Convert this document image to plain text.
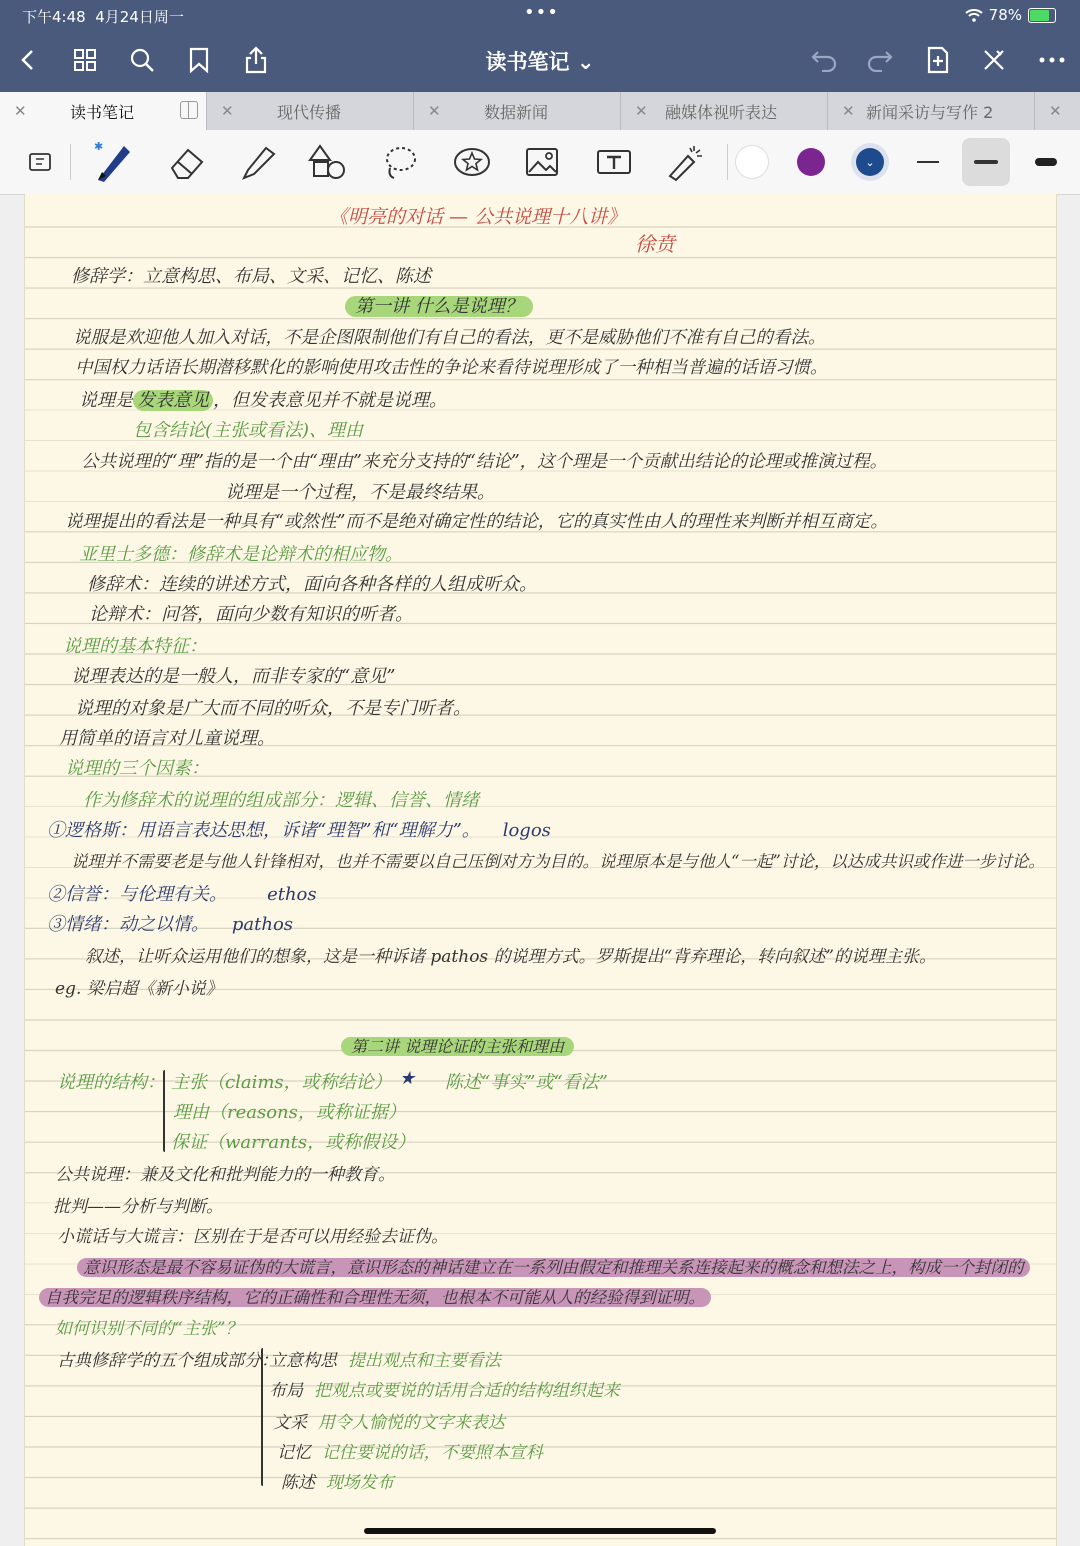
下午4:48 4月24日周一	•••	78%
读书笔记 ⌄
✕	读书笔记	✕	现代传播	✕	数据新闻	✕ 融媒体视听表达	✕ 新闻采访与写作 2	✕
✱
⌄
《明亮的对话 — 公共说理十八讲》
徐贲
修辞学：立意构思、布局、文采、记忆、陈述
第一讲 什么是说理？
说服是欢迎他人加入对话，不是企图限制他们有自己的看法，更不是威胁他们不准有自己的看法。
中国权力话语长期潜移默化的影响使用攻击性的争论来看待说理形成了一种相当普遍的话语习惯。
说理是 发表意见 ，但发表意见并不就是说理。
包含结论(主张或看法)、理由
公共说理的“理”指的是一个由“理由”来充分支持的“结论”，这个理是一个贡献出结论的论理或推演过程。
说理是一个过程，不是最终结果。
说理提出的看法是一种具有“或然性”而不是绝对确定性的结论，它的真实性由人的理性来判断并相互商定。
亚里士多德：修辞术是论辩术的相应物。
修辞术：连续的讲述方式，面向各种各样的人组成听众。
论辩术：问答，面向少数有知识的听者。
说理的基本特征：
说理表达的是一般人，而非专家的“意见”
说理的对象是广大而不同的听众，不是专门听者。
用简单的语言对儿童说理。
说理的三个因素：
作为修辞术的说理的组成部分：逻辑、信誉、情绪
①逻格斯：用语言表达思想，诉诸“理智”和“理解力”。 logos
说理并不需要老是与他人针锋相对，也并不需要以自己压倒对方为目的。说理原本是与他人“一起”讨论，以达成共识或作进一步讨论。
②信誉：与伦理有关。 ethos
③情绪：动之以情。 pathos
叙述，让听众运用他们的想象，这是一种诉诸 pathos 的说理方式。罗斯提出“背弃理论，转向叙述”的说理主张。
eg. 梁启超《新小说》
第二讲 说理论证的主张和理由
说理的结构： 主张（claims，或称结论） ★ 陈述“事实”或“看法”
理由（reasons，或称证据）
保证（warrants，或称假设）
公共说理：兼及文化和批判能力的一种教育。
批判——分析与判断。
小谎话与大谎言：区别在于是否可以用经验去证伪。
意识形态是最不容易证伪的大谎言，意识形态的神话建立在一系列由假定和推理关系连接起来的概念和想法之上，构成一个封闭的
自我完足的逻辑秩序结构，它的正确性和合理性无须，也根本不可能从人的经验得到证明。
如何识别不同的“主张”？
古典修辞学的五个组成部分：
立意构思 提出观点和主要看法
布局 把观点或要说的话用合适的结构组织起来
文采 用令人愉悦的文字来表达
记忆 记住要说的话，不要照本宣科
陈述 现场发布
